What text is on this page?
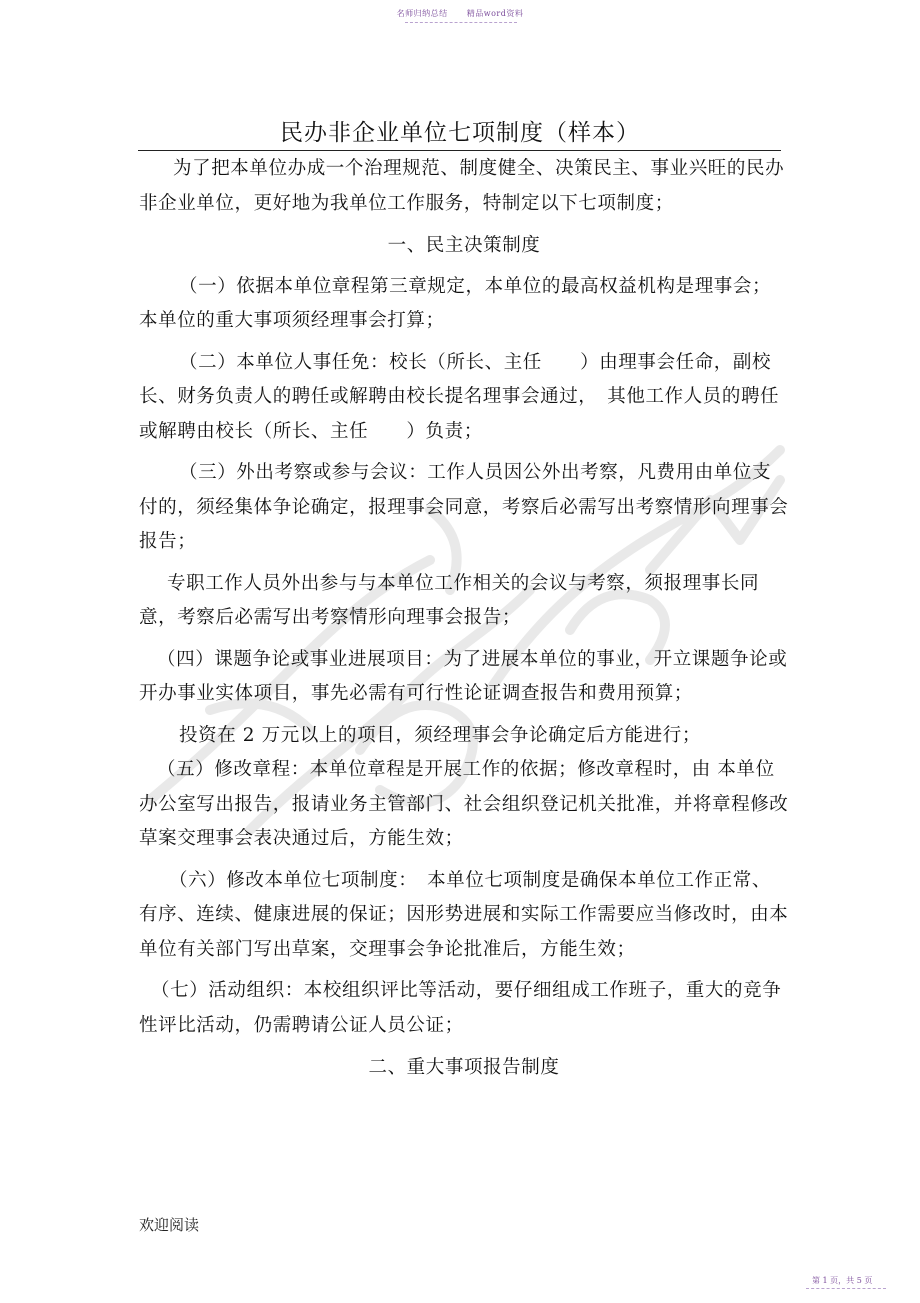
名师归纳总结 精品word资料
民办非企业单位七项制度（样本）

为了把本单位办成一个治理规范、制度健全、决策民主、事业兴旺的民办非企业单位，更好地为我单位工作服务，特制定以下七项制度；

一、民主决策制度

（一）依据本单位章程第三章规定，本单位的最高权益机构是理事会；本单位的重大事项须经理事会打算；

（二）本单位人事任免：校长（所长、主任　　）由理事会任命，副校长、财务负责人的聘任或解聘由校长提名理事会通过，　其他工作人员的聘任或解聘由校长（所长、主任　　）负责；

（三）外出考察或参与会议：工作人员因公外出考察，凡费用由单位支付的，须经集体争论确定，报理事会同意，考察后必需写出考察情形向理事会报告；

专职工作人员外出参与与本单位工作相关的会议与考察，须报理事长同意，考察后必需写出考察情形向理事会报告；

（四）课题争论或事业进展项目：为了进展本单位的事业，开立课题争论或开办事业实体项目，事先必需有可行性论证调查报告和费用预算；

投资在 2 万元以上的项目，须经理事会争论确定后方能进行；

（五）修改章程：本单位章程是开展工作的依据；修改章程时，由 本单位办公室写出报告，报请业务主管部门、社会组织登记机关批准，并将章程修改草案交理事会表决通过后，方能生效；

（六）修改本单位七项制度：　本单位七项制度是确保本单位工作正常、有序、连续、健康进展的保证；因形势进展和实际工作需要应当修改时，由本单位有关部门写出草案，交理事会争论批准后，方能生效；

（七）活动组织：本校组织评比等活动，要仔细组成工作班子，重大的竞争性评比活动，仍需聘请公证人员公证；

二、重大事项报告制度

欢迎阅读
第 1 页，共 5 页
